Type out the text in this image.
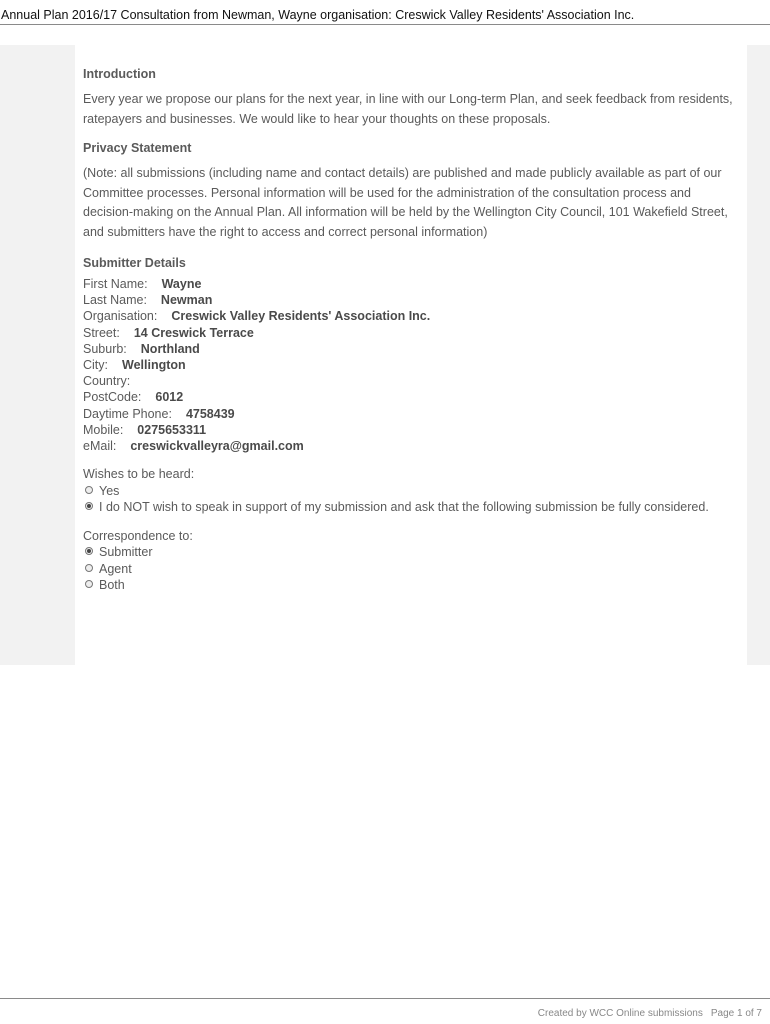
Annual Plan 2016/17 Consultation from Newman, Wayne organisation: Creswick Valley Residents' Association Inc.
Introduction

Every year we propose our plans for the next year, in line with our Long-term Plan, and seek feedback from residents, ratepayers and businesses. We would like to hear your thoughts on these proposals.

Privacy Statement

(Note: all submissions (including name and contact details) are published and made publicly available as part of our Committee processes. Personal information will be used for the administration of the consultation process and decision-making on the Annual Plan. All information will be held by the Wellington City Council, 101 Wakefield Street, and submitters have the right to access and correct personal information)

Submitter Details
First Name: Wayne
Last Name: Newman
Organisation: Creswick Valley Residents' Association Inc.
Street: 14 Creswick Terrace
Suburb: Northland
City: Wellington
Country:
PostCode: 6012
Daytime Phone: 4758439
Mobile: 0275653311
eMail: creswickvalleyra@gmail.com
Wishes to be heard:
Yes
I do NOT wish to speak in support of my submission and ask that the following submission be fully considered.
Correspondence to:
Submitter
Agent
Both
Created by WCC Online submissions Page 1 of 7
